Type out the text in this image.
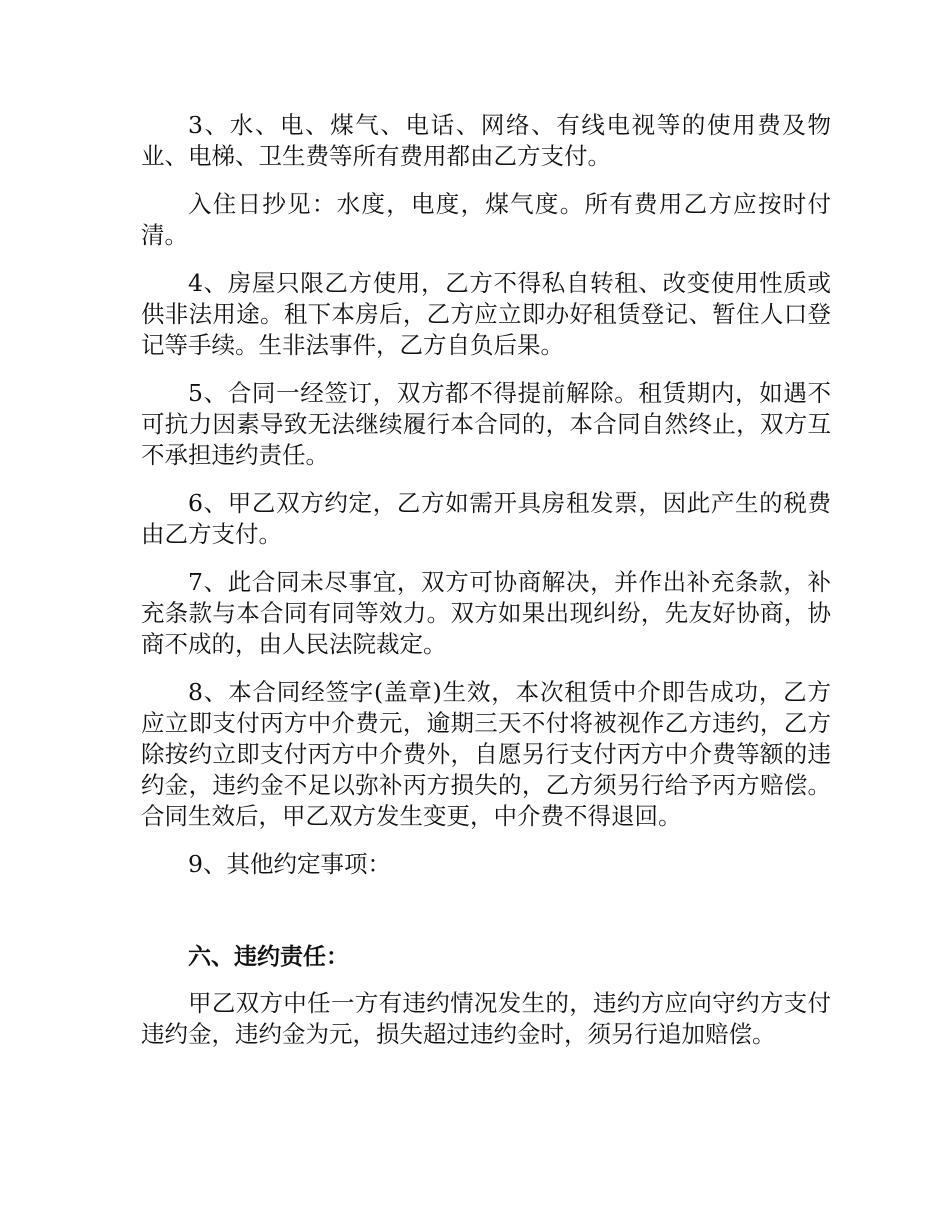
3、水、电、煤气、电话、网络、有线电视等的使用费及物业、电梯、卫生费等所有费用都由乙方支付。

入住日抄见：水度，电度，煤气度。所有费用乙方应按时付清。

4、房屋只限乙方使用，乙方不得私自转租、改变使用性质或供非法用途。租下本房后，乙方应立即办好租赁登记、暂住人口登记等手续。生非法事件，乙方自负后果。

5、合同一经签订，双方都不得提前解除。租赁期内，如遇不可抗力因素导致无法继续履行本合同的，本合同自然终止，双方互不承担违约责任。

6、甲乙双方约定，乙方如需开具房租发票，因此产生的税费由乙方支付。

7、此合同未尽事宜，双方可协商解决，并作出补充条款，补充条款与本合同有同等效力。双方如果出现纠纷，先友好协商，协商不成的，由人民法院裁定。

8、本合同经签字(盖章)生效，本次租赁中介即告成功，乙方应立即支付丙方中介费元，逾期三天不付将被视作乙方违约，乙方除按约立即支付丙方中介费外，自愿另行支付丙方中介费等额的违约金，违约金不足以弥补丙方损失的，乙方须另行给予丙方赔偿。合同生效后，甲乙双方发生变更，中介费不得退回。

9、其他约定事项：

六、违约责任：

甲乙双方中任一方有违约情况发生的，违约方应向守约方支付违约金，违约金为元，损失超过违约金时，须另行追加赔偿。
